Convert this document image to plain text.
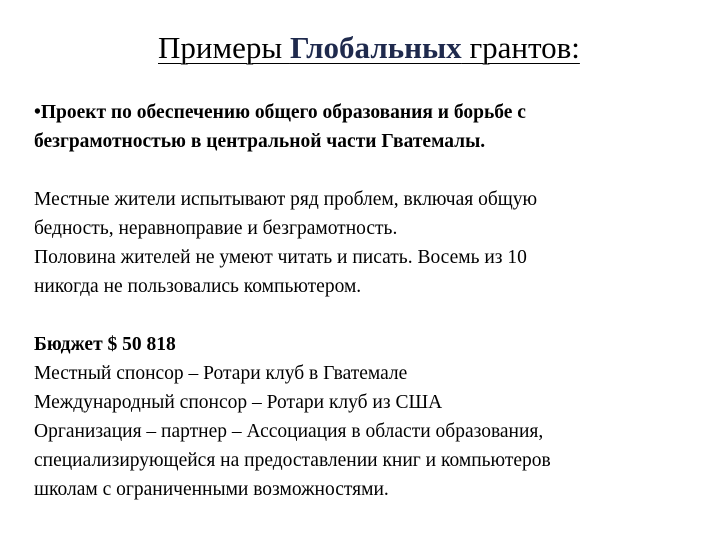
Примеры Глобальных грантов:

•Проект по обеспечению общего образования и борьбе с
безграмотностью в центральной части Гватемалы.

Местные жители испытывают ряд проблем, включая общую
бедность, неравноправие и безграмотность.
Половина жителей не умеют читать и писать. Восемь из 10
никогда не пользовались компьютером.

Бюджет $ 50 818
Местный спонсор – Ротари клуб в Гватемале
Международный спонсор – Ротари клуб из США
Организация – партнер – Ассоциация в области образования,
специализирующейся на предоставлении книг и компьютеров
школам с ограниченными возможностями.
